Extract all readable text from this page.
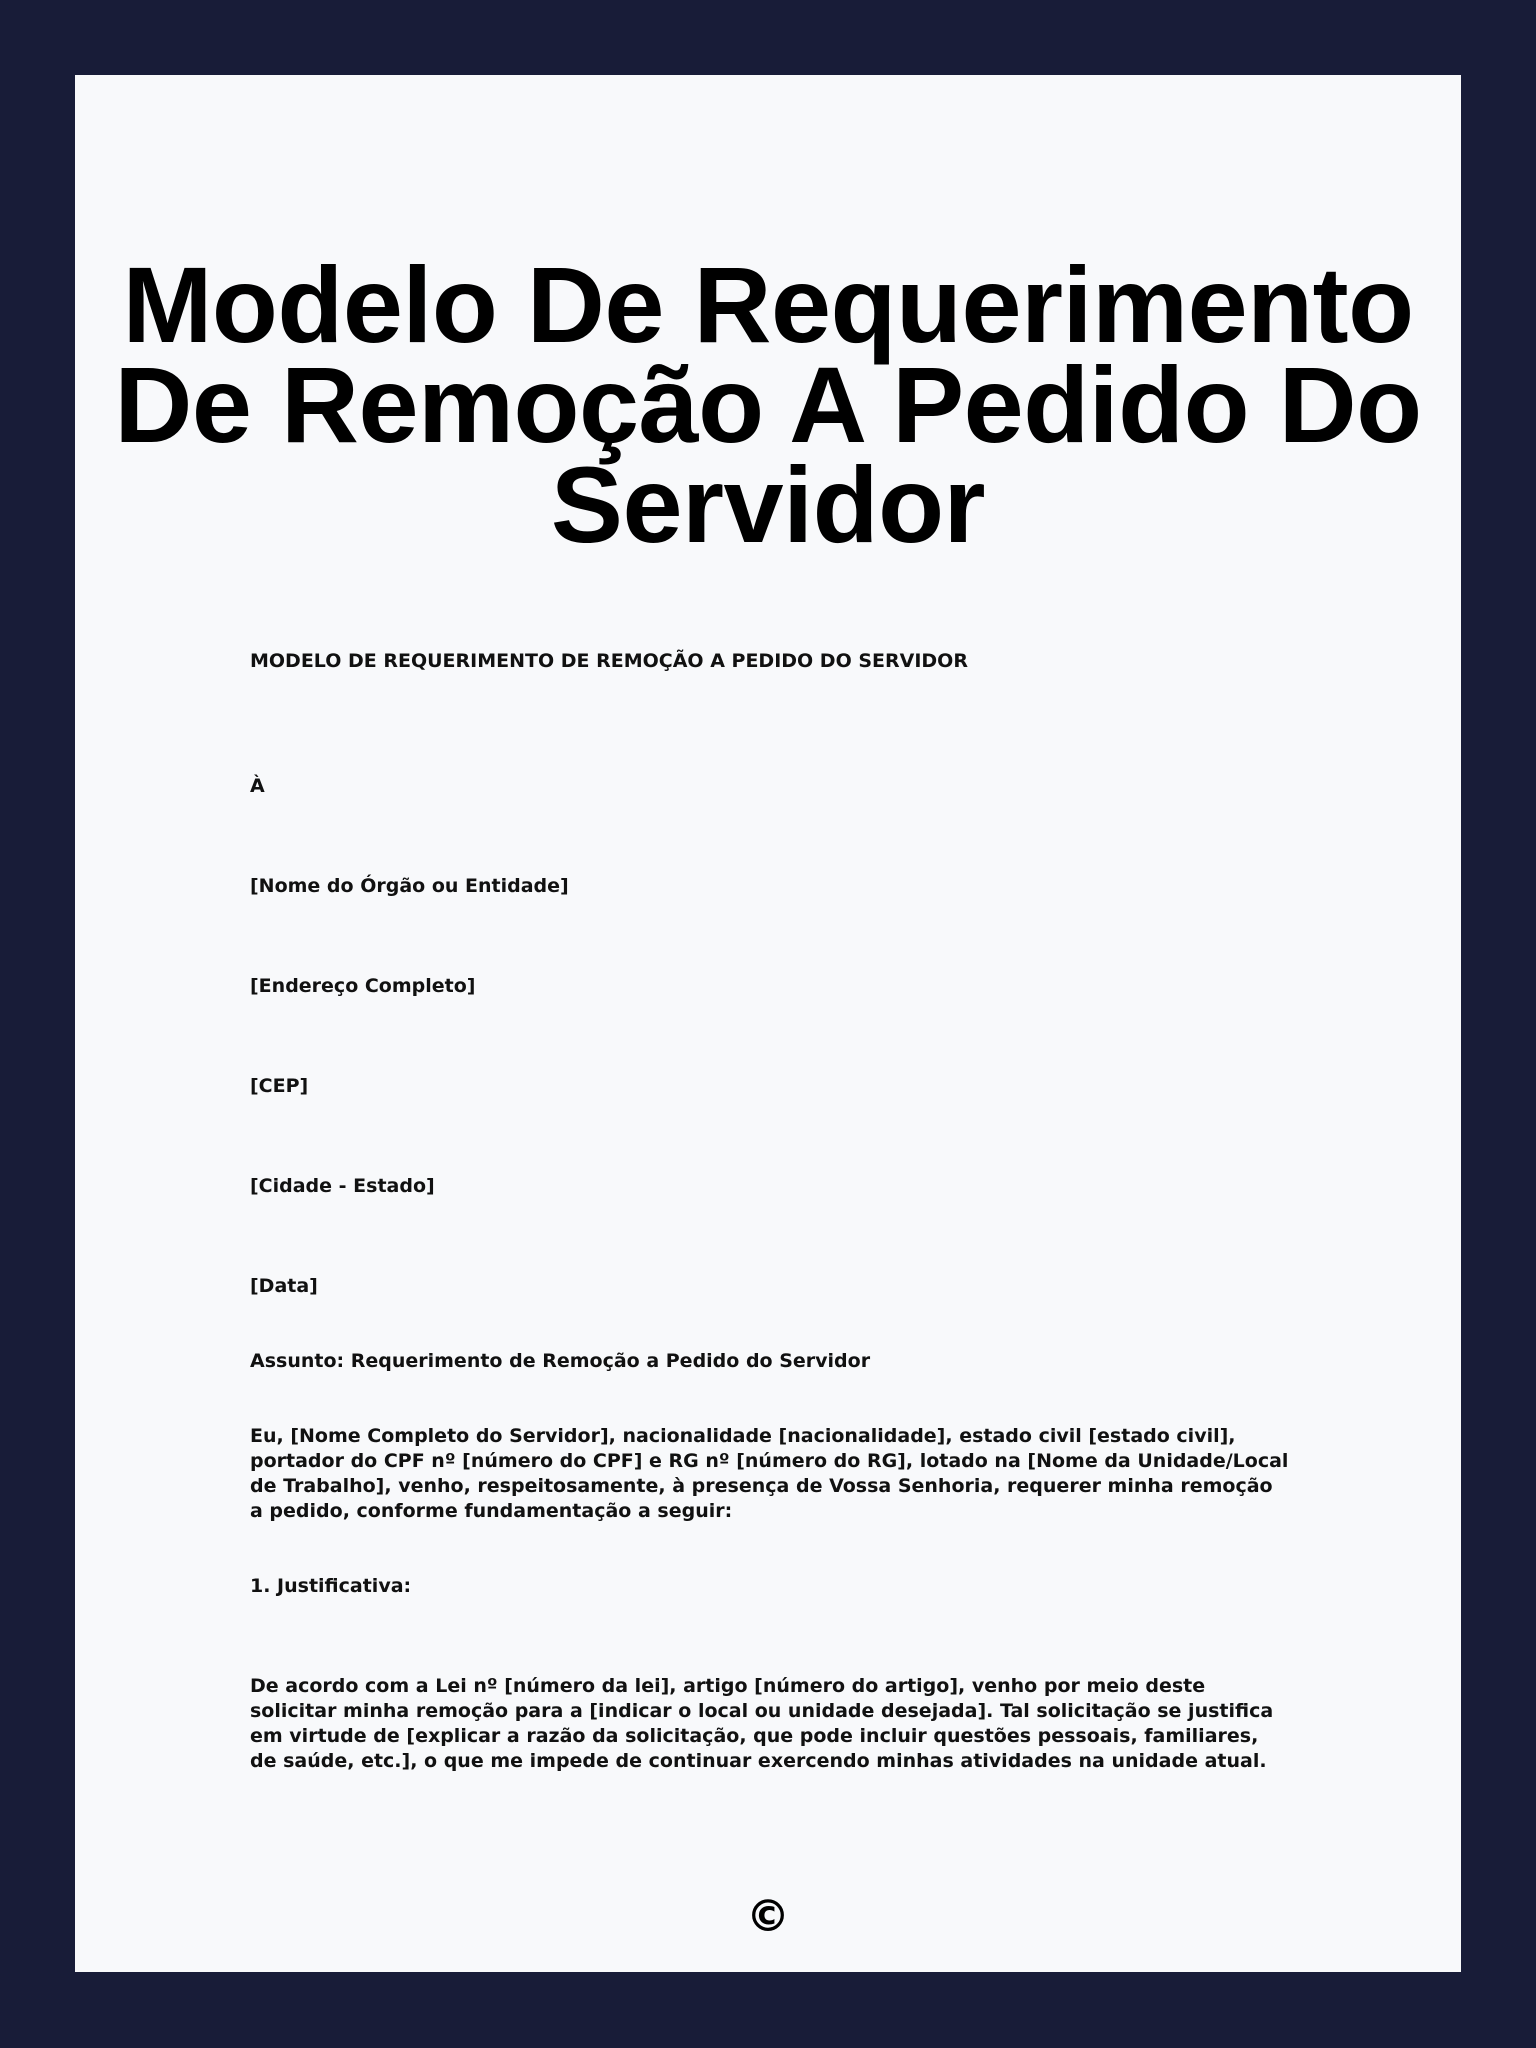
Modelo De Requerimento De Remoção A Pedido Do Servidor

MODELO DE REQUERIMENTO DE REMOÇÃO A PEDIDO DO SERVIDOR

À

[Nome do Órgão ou Entidade]

[Endereço Completo]

[CEP]

[Cidade - Estado]

[Data]

Assunto: Requerimento de Remoção a Pedido do Servidor

Eu, [Nome Completo do Servidor], nacionalidade [nacionalidade], estado civil [estado civil], portador do CPF nº [número do CPF] e RG nº [número do RG], lotado na [Nome da Unidade/Local de Trabalho], venho, respeitosamente, à presença de Vossa Senhoria, requerer minha remoção a pedido, conforme fundamentação a seguir:

1. Justificativa:

De acordo com a Lei nº [número da lei], artigo [número do artigo], venho por meio deste solicitar minha remoção para a [indicar o local ou unidade desejada]. Tal solicitação se justifica em virtude de [explicar a razão da solicitação, que pode incluir questões pessoais, familiares, de saúde, etc.], o que me impede de continuar exercendo minhas atividades na unidade atual.

©
